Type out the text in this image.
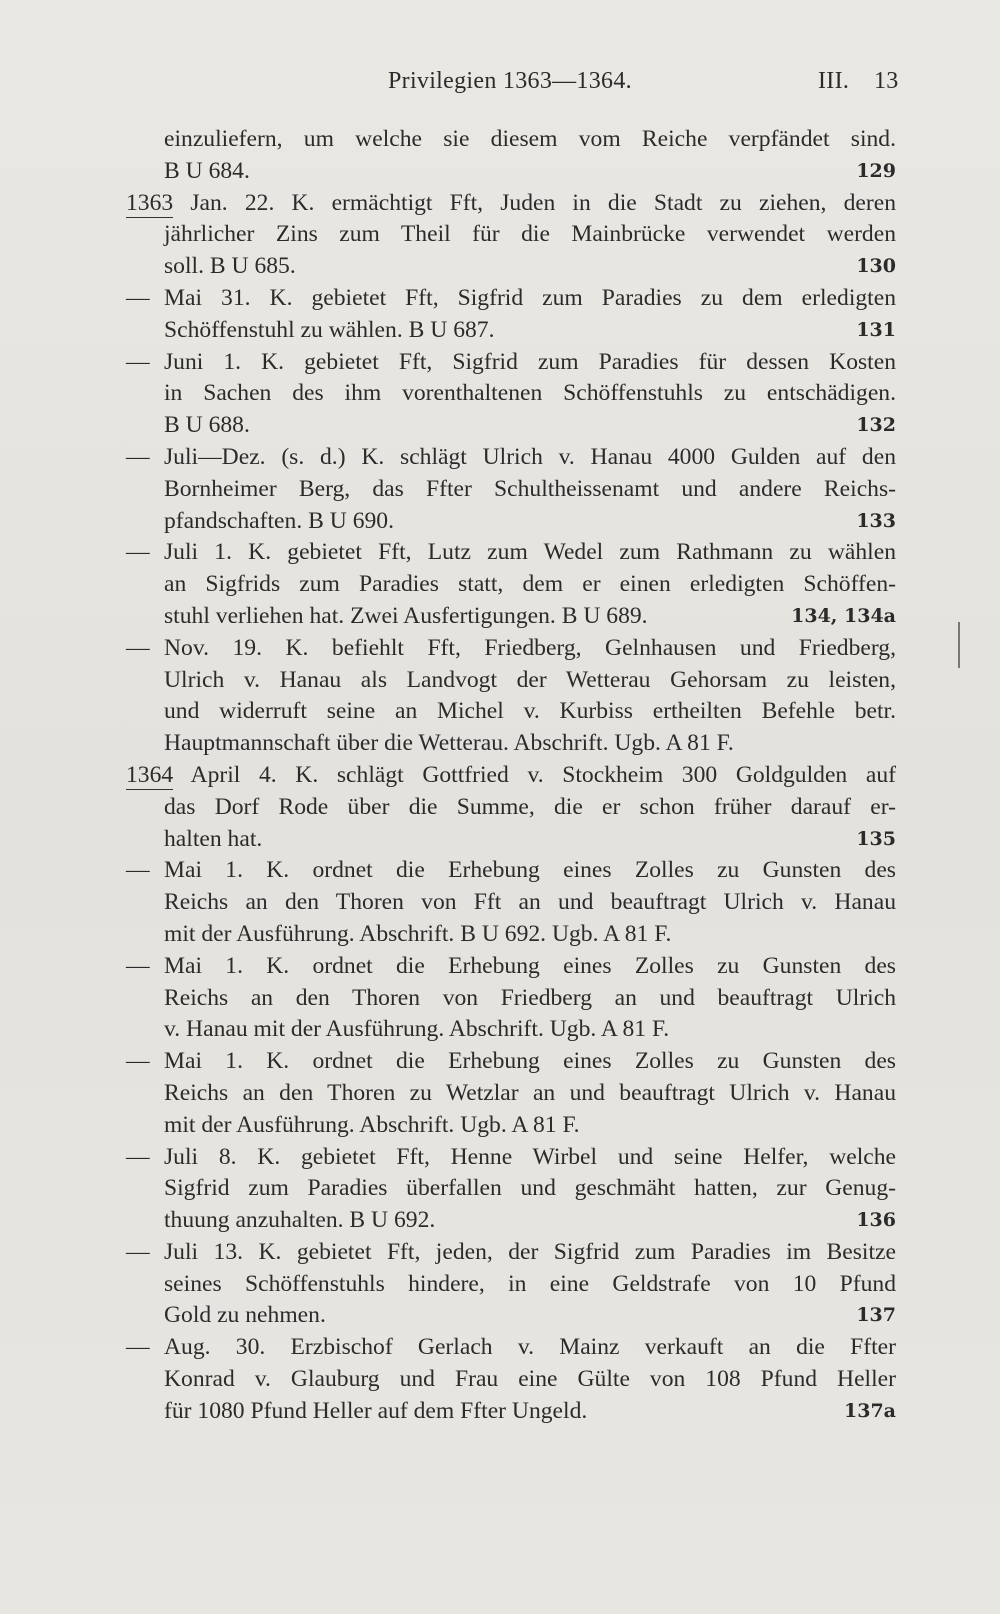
Privilegien 1363—1364.	III. 13
einzuliefern, um welche sie diesem vom Reiche verpfändet sind.
B U 684.	129
1363 Jan. 22. K. ermächtigt Fft, Juden in die Stadt zu ziehen, deren
jährlicher Zins zum Theil für die Mainbrücke verwendet werden
soll. B U 685.	130
— Mai 31. K. gebietet Fft, Sigfrid zum Paradies zu dem erledigten
Schöffenstuhl zu wählen. B U 687.	131
— Juni 1. K. gebietet Fft, Sigfrid zum Paradies für dessen Kosten
in Sachen des ihm vorenthaltenen Schöffenstuhls zu entschädigen.
B U 688.	132
— Juli—Dez. (s. d.) K. schlägt Ulrich v. Hanau 4000 Gulden auf den
Bornheimer Berg, das Ffter Schultheissenamt und andere Reichs-
pfandschaften. B U 690.	133
— Juli 1. K. gebietet Fft, Lutz zum Wedel zum Rathmann zu wählen
an Sigfrids zum Paradies statt, dem er einen erledigten Schöffen-
stuhl verliehen hat. Zwei Ausfertigungen. B U 689.	134, 134a
— Nov. 19. K. befiehlt Fft, Friedberg, Gelnhausen und Friedberg,
Ulrich v. Hanau als Landvogt der Wetterau Gehorsam zu leisten,
und widerruft seine an Michel v. Kurbiss ertheilten Befehle betr.
Hauptmannschaft über die Wetterau. Abschrift. Ugb. A 81 F.
1364 April 4. K. schlägt Gottfried v. Stockheim 300 Goldgulden auf
das Dorf Rode über die Summe, die er schon früher darauf er-
halten hat.	135
— Mai 1. K. ordnet die Erhebung eines Zolles zu Gunsten des
Reichs an den Thoren von Fft an und beauftragt Ulrich v. Hanau
mit der Ausführung. Abschrift. B U 692. Ugb. A 81 F.
— Mai 1. K. ordnet die Erhebung eines Zolles zu Gunsten des
Reichs an den Thoren von Friedberg an und beauftragt Ulrich
v. Hanau mit der Ausführung. Abschrift. Ugb. A 81 F.
— Mai 1. K. ordnet die Erhebung eines Zolles zu Gunsten des
Reichs an den Thoren zu Wetzlar an und beauftragt Ulrich v. Hanau
mit der Ausführung. Abschrift. Ugb. A 81 F.
— Juli 8. K. gebietet Fft, Henne Wirbel und seine Helfer, welche
Sigfrid zum Paradies überfallen und geschmäht hatten, zur Genug-
thuung anzuhalten. B U 692.	136
— Juli 13. K. gebietet Fft, jeden, der Sigfrid zum Paradies im Besitze
seines Schöffenstuhls hindere, in eine Geldstrafe von 10 Pfund
Gold zu nehmen.	137
— Aug. 30. Erzbischof Gerlach v. Mainz verkauft an die Ffter
Konrad v. Glauburg und Frau eine Gülte von 108 Pfund Heller
für 1080 Pfund Heller auf dem Ffter Ungeld.	137a
